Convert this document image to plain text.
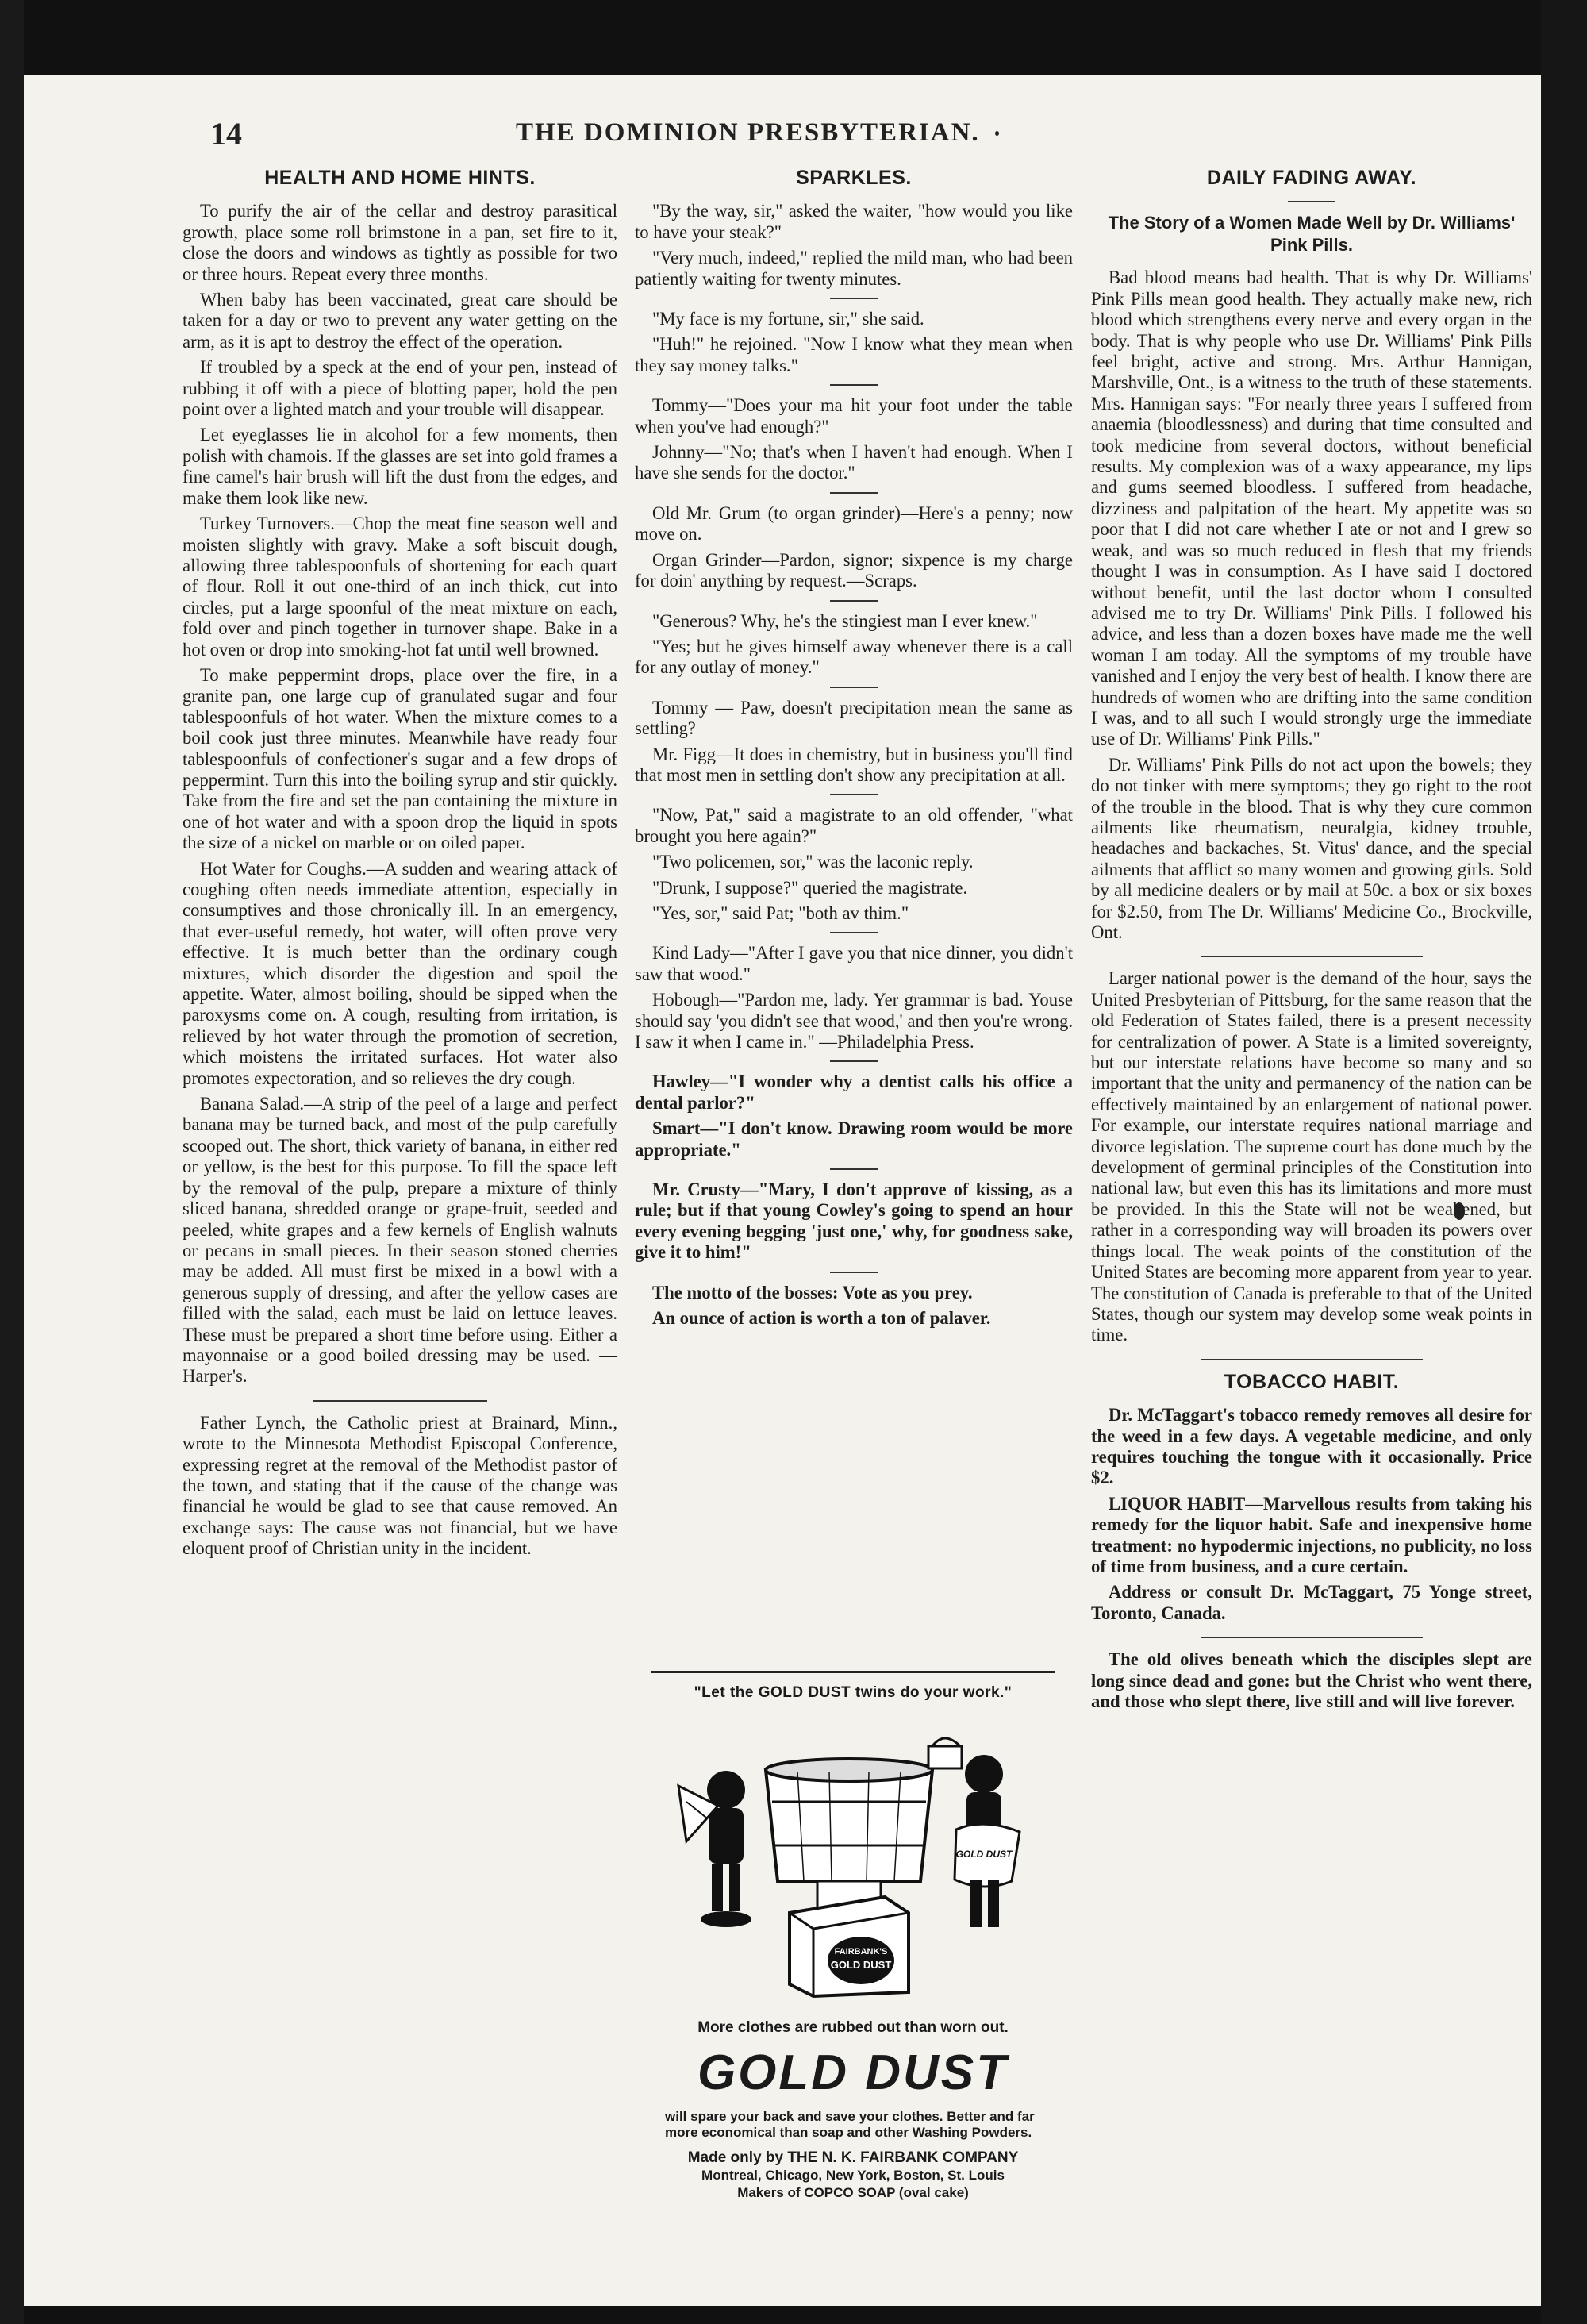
14	THE DOMINION PRESBYTERIAN.
HEALTH AND HOME HINTS.

To purify the air of the cellar and destroy parasitical growth, place some roll brimstone in a pan, set fire to it, close the doors and windows as tightly as possible for two or three hours. Repeat every three months.

When baby has been vaccinated, great care should be taken for a day or two to prevent any water getting on the arm, as it is apt to destroy the effect of the operation.

If troubled by a speck at the end of your pen, instead of rubbing it off with a piece of blotting paper, hold the pen point over a lighted match and your trouble will disappear.

Let eyeglasses lie in alcohol for a few moments, then polish with chamois. If the glasses are set into gold frames a fine camel's hair brush will lift the dust from the edges, and make them look like new.

Turkey Turnovers.—Chop the meat fine season well and moisten slightly with gravy. Make a soft biscuit dough, allowing three tablespoonfuls of shortening for each quart of flour. Roll it out one-third of an inch thick, cut into circles, put a large spoonful of the meat mixture on each, fold over and pinch together in turnover shape. Bake in a hot oven or drop into smoking-hot fat until well browned.

To make peppermint drops, place over the fire, in a granite pan, one large cup of granulated sugar and four tablespoonfuls of hot water. When the mixture comes to a boil cook just three minutes. Meanwhile have ready four tablespoonfuls of confectioner's sugar and a few drops of peppermint. Turn this into the boiling syrup and stir quickly. Take from the fire and set the pan containing the mixture in one of hot water and with a spoon drop the liquid in spots the size of a nickel on marble or on oiled paper.

Hot Water for Coughs.—A sudden and wearing attack of coughing often needs immediate attention, especially in consumptives and those chronically ill. In an emergency, that ever-useful remedy, hot water, will often prove very effective. It is much better than the ordinary cough mixtures, which disorder the digestion and spoil the appetite. Water, almost boiling, should be sipped when the paroxysms come on. A cough, resulting from irritation, is relieved by hot water through the promotion of secretion, which moistens the irritated surfaces. Hot water also promotes expectoration, and so relieves the dry cough.

Banana Salad.—A strip of the peel of a large and perfect banana may be turned back, and most of the pulp carefully scooped out. The short, thick variety of banana, in either red or yellow, is the best for this purpose. To fill the space left by the removal of the pulp, prepare a mixture of thinly sliced banana, shredded orange or grape-fruit, seeded and peeled, white grapes and a few kernels of English walnuts or pecans in small pieces. In their season stoned cherries may be added. All must first be mixed in a bowl with a generous supply of dressing, and after the yellow cases are filled with the salad, each must be laid on lettuce leaves. These must be prepared a short time before using. Either a mayonnaise or a good boiled dressing may be used. —Harper's.

Father Lynch, the Catholic priest at Brainard, Minn., wrote to the Minnesota Methodist Episcopal Conference, expressing regret at the removal of the Methodist pastor of the town, and stating that if the cause of the change was financial he would be glad to see that cause removed. An exchange says: The cause was not financial, but we have eloquent proof of Christian unity in the incident.

SPARKLES.

"By the way, sir," asked the waiter, "how would you like to have your steak?"

"Very much, indeed," replied the mild man, who had been patiently waiting for twenty minutes.

"My face is my fortune, sir," she said.

"Huh!" he rejoined. "Now I know what they mean when they say money talks."

Tommy—"Does your ma hit your foot under the table when you've had enough?"

Johnny—"No; that's when I haven't had enough. When I have she sends for the doctor."

Old Mr. Grum (to organ grinder)—Here's a penny; now move on.

Organ Grinder—Pardon, signor; sixpence is my charge for doin' anything by request.—Scraps.

"Generous? Why, he's the stingiest man I ever knew."

"Yes; but he gives himself away whenever there is a call for any outlay of money."

Tommy — Paw, doesn't precipitation mean the same as settling?

Mr. Figg—It does in chemistry, but in business you'll find that most men in settling don't show any precipitation at all.

"Now, Pat," said a magistrate to an old offender, "what brought you here again?"

"Two policemen, sor," was the laconic reply.

"Drunk, I suppose?" queried the magistrate.

"Yes, sor," said Pat; "both av thim."

Kind Lady—"After I gave you that nice dinner, you didn't saw that wood."

Hobough—"Pardon me, lady. Yer grammar is bad. Youse should say 'you didn't see that wood,' and then you're wrong. I saw it when I came in." —Philadelphia Press.

Hawley—"I wonder why a dentist calls his office a dental parlor?"

Smart—"I don't know. Drawing room would be more appropriate."

Mr. Crusty—"Mary, I don't approve of kissing, as a rule; but if that young Cowley's going to spend an hour every evening begging 'just one,' why, for goodness sake, give it to him!"

The motto of the bosses: Vote as you prey.

An ounce of action is worth a ton of palaver.

"Let the GOLD DUST twins do your work."
FAIRBANK'S
GOLD DUST
GOLD DUST
More clothes are rubbed out than worn out.
GOLD DUST
will spare your back and save your clothes. Better and far more economical than soap and other Washing Powders.
Made only by THE N. K. FAIRBANK COMPANY
Montreal, Chicago, New York, Boston, St. Louis
Makers of COPCO SOAP (oval cake)
DAILY FADING AWAY.
The Story of a Women Made Well by Dr. Williams' Pink Pills.

Bad blood means bad health. That is why Dr. Williams' Pink Pills mean good health. They actually make new, rich blood which strengthens every nerve and every organ in the body. That is why people who use Dr. Williams' Pink Pills feel bright, active and strong. Mrs. Arthur Hannigan, Marshville, Ont., is a witness to the truth of these statements. Mrs. Hannigan says: "For nearly three years I suffered from anaemia (bloodlessness) and during that time consulted and took medicine from several doctors, without beneficial results. My complexion was of a waxy appearance, my lips and gums seemed bloodless. I suffered from headache, dizziness and palpitation of the heart. My appetite was so poor that I did not care whether I ate or not and I grew so weak, and was so much reduced in flesh that my friends thought I was in consumption. As I have said I doctored without benefit, until the last doctor whom I consulted advised me to try Dr. Williams' Pink Pills. I followed his advice, and less than a dozen boxes have made me the well woman I am today. All the symptoms of my trouble have vanished and I enjoy the very best of health. I know there are hundreds of women who are drifting into the same condition I was, and to all such I would strongly urge the immediate use of Dr. Williams' Pink Pills."

Dr. Williams' Pink Pills do not act upon the bowels; they do not tinker with mere symptoms; they go right to the root of the trouble in the blood. That is why they cure common ailments like rheumatism, neuralgia, kidney trouble, headaches and backaches, St. Vitus' dance, and the special ailments that afflict so many women and growing girls. Sold by all medicine dealers or by mail at 50c. a box or six boxes for $2.50, from The Dr. Williams' Medicine Co., Brockville, Ont.

Larger national power is the demand of the hour, says the United Presbyterian of Pittsburg, for the same reason that the old Federation of States failed, there is a present necessity for centralization of power. A State is a limited sovereignty, but our interstate relations have become so many and so important that the unity and permanency of the nation can be effectively maintained by an enlargement of national power. For example, our interstate requires national marriage and divorce legislation. The supreme court has done much by the development of germinal principles of the Constitution into national law, but even this has its limitations and more must be provided. In this the State will not be weakened, but rather in a corresponding way will broaden its powers over things local. The weak points of the constitution of the United States are becoming more apparent from year to year. The constitution of Canada is preferable to that of the United States, though our system may develop some weak points in time.

TOBACCO HABIT.

Dr. McTaggart's tobacco remedy removes all desire for the weed in a few days. A vegetable medicine, and only requires touching the tongue with it occasionally. Price $2.

LIQUOR HABIT—Marvellous results from taking his remedy for the liquor habit. Safe and inexpensive home treatment: no hypodermic injections, no publicity, no loss of time from business, and a cure certain.

Address or consult Dr. McTaggart, 75 Yonge street, Toronto, Canada.

The old olives beneath which the disciples slept are long since dead and gone: but the Christ who went there, and those who slept there, live still and will live forever.
